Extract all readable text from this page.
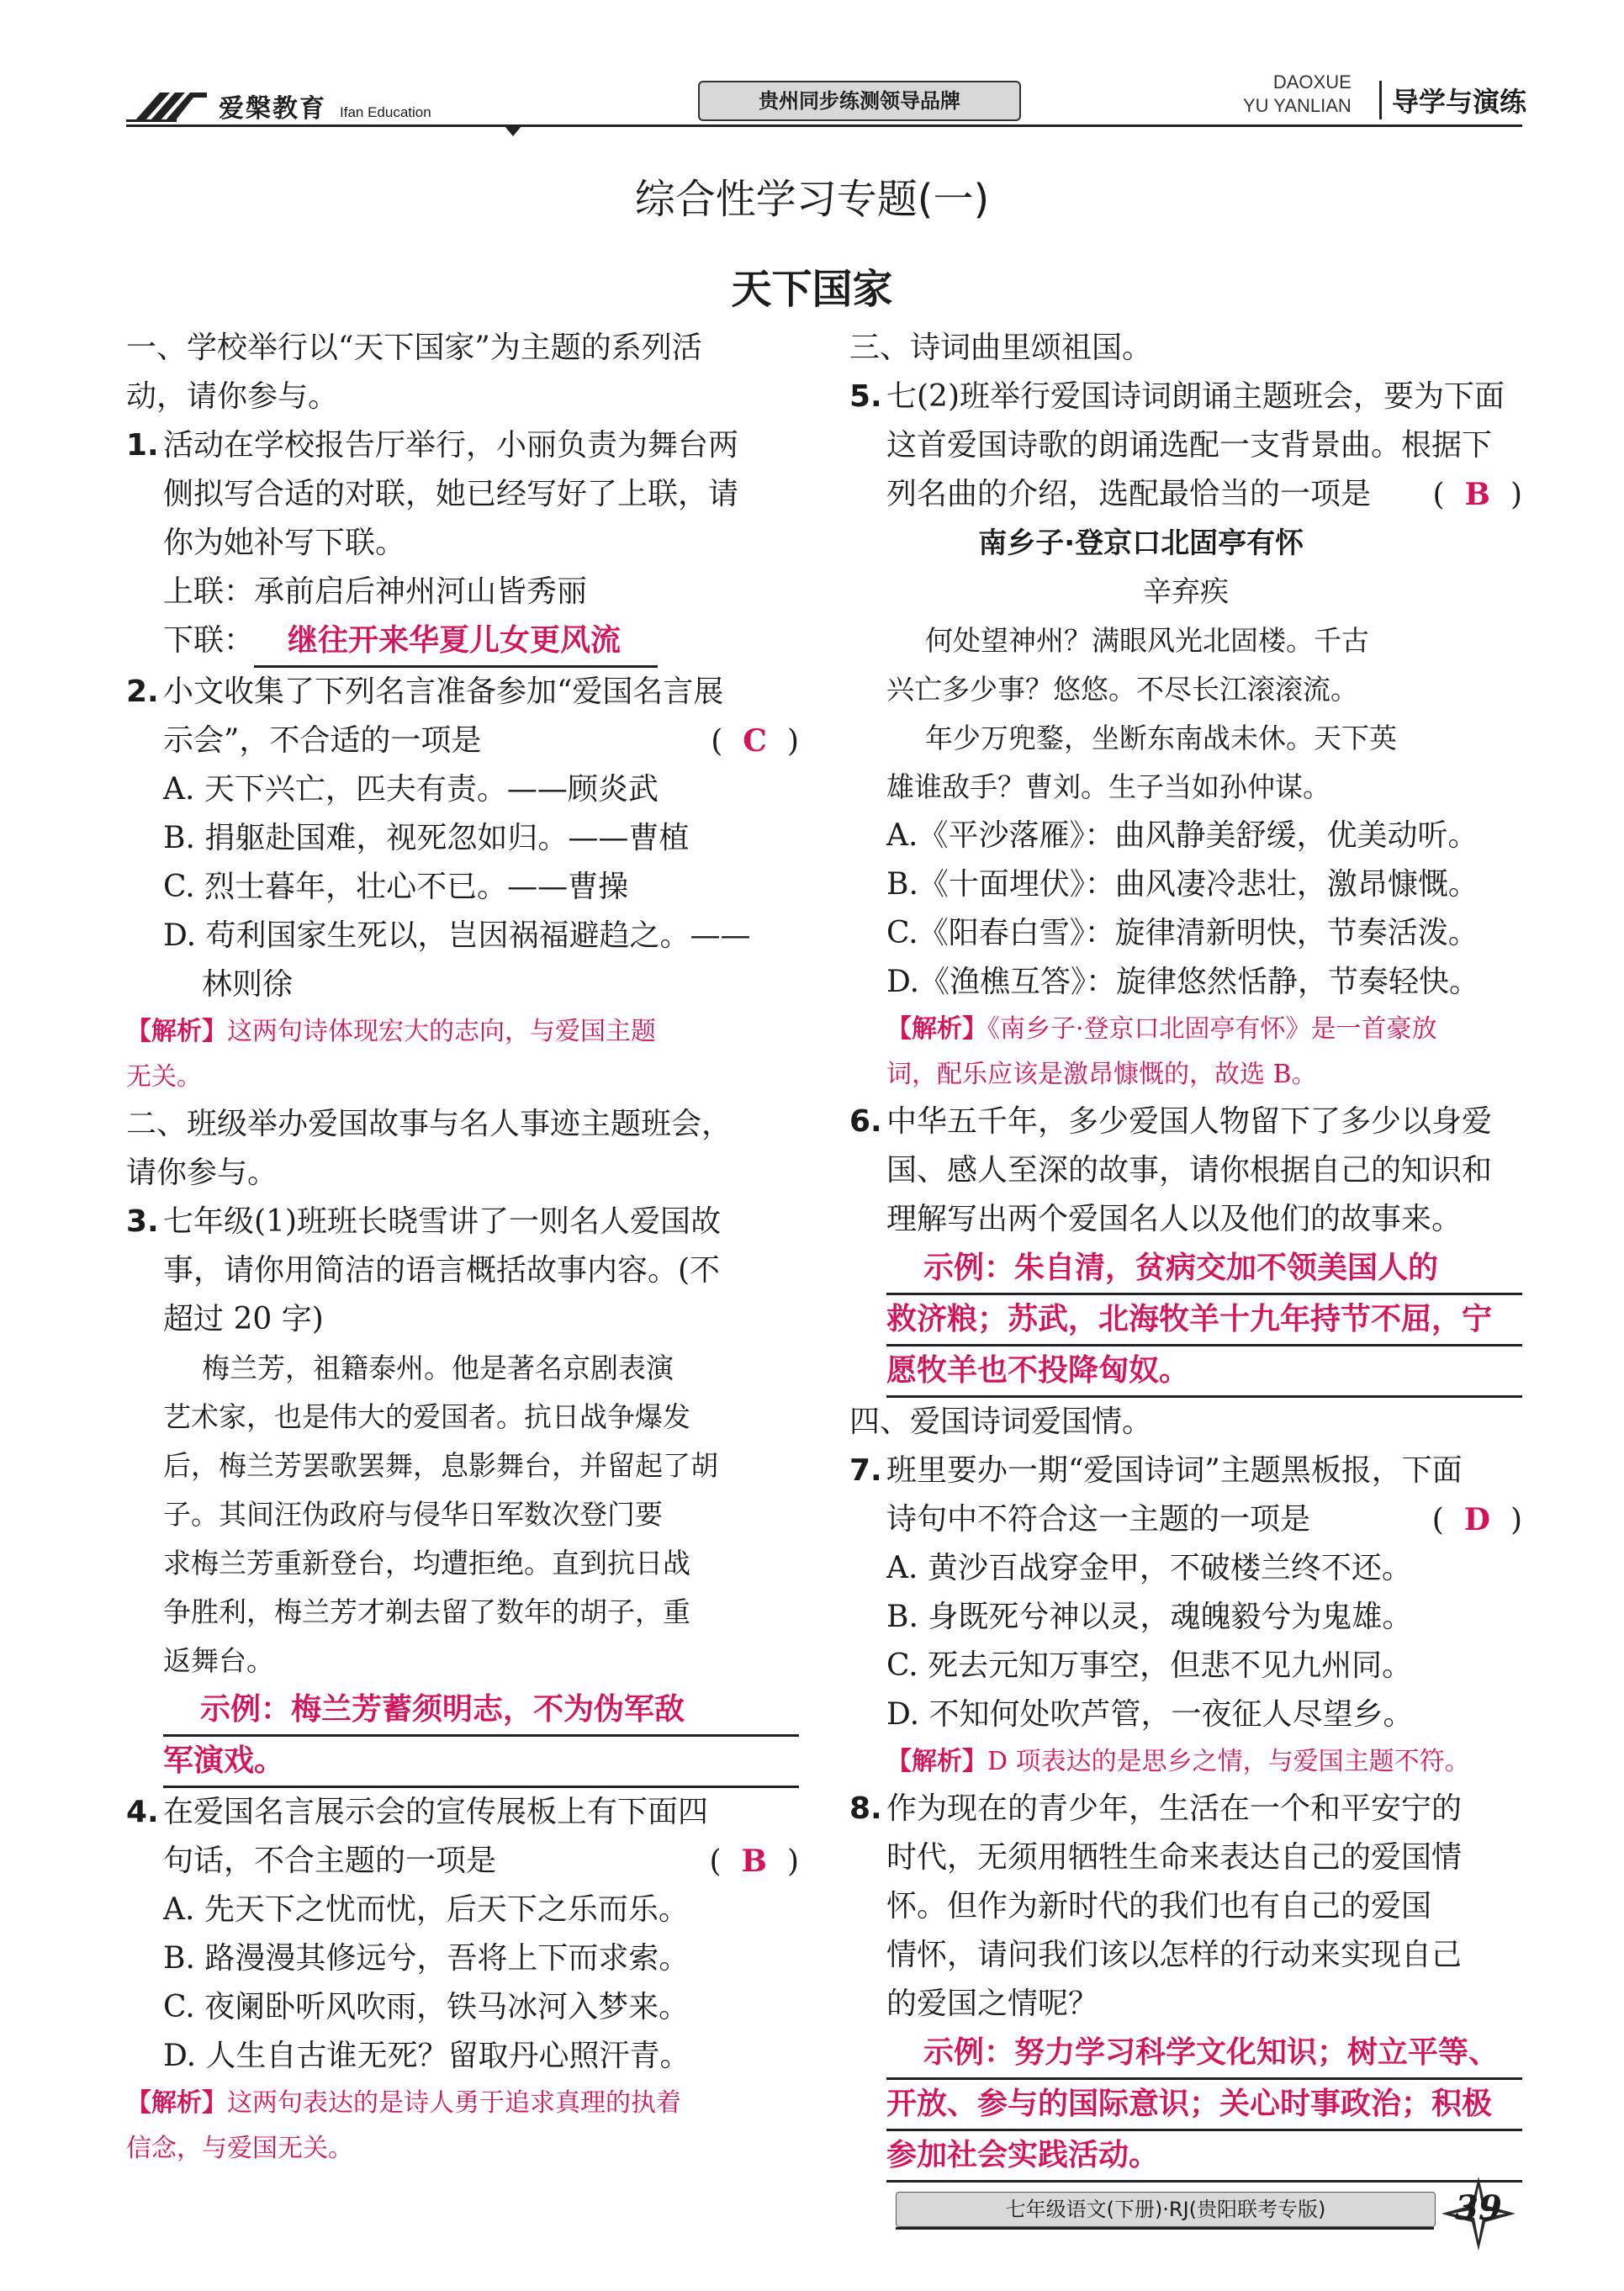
爱槃教育 Ifan Education	贵州同步练测领导品牌
DAOXUE
YU YANLIAN	导学与演练
综合性学习专题(一)
天下国家
一、学校举行以“天下国家”为主题的系列活
动，请你参与。
1. 活动在学校报告厅举行，小丽负责为舞台两
侧拟写合适的对联，她已经写好了上联，请
你为她补写下联。
上联：承前启后神州河山皆秀丽
下联： 继往开来华夏儿女更风流
2. 小文收集了下列名言准备参加“爱国名言展
示会”，不合适的一项是	( C )
A. 天下兴亡，匹夫有责。——顾炎武
B. 捐躯赴国难，视死忽如归。——曹植
C. 烈士暮年，壮心不已。——曹操
D. 苟利国家生死以，岂因祸福避趋之。——
林则徐
【解析】这两句诗体现宏大的志向，与爱国主题
无关。
二、班级举办爱国故事与名人事迹主题班会，
请你参与。
3. 七年级(1)班班长晓雪讲了一则名人爱国故
事，请你用简洁的语言概括故事内容。(不
超过 20 字)
梅兰芳，祖籍泰州。他是著名京剧表演
艺术家，也是伟大的爱国者。抗日战争爆发
后，梅兰芳罢歌罢舞，息影舞台，并留起了胡
子。其间汪伪政府与侵华日军数次登门要
求梅兰芳重新登台，均遭拒绝。直到抗日战
争胜利，梅兰芳才剃去留了数年的胡子，重
返舞台。
示例：梅兰芳蓄须明志，不为伪军敌
军演戏。
4. 在爱国名言展示会的宣传展板上有下面四
句话，不合主题的一项是	( B )
A. 先天下之忧而忧，后天下之乐而乐。
B. 路漫漫其修远兮，吾将上下而求索。
C. 夜阑卧听风吹雨，铁马冰河入梦来。
D. 人生自古谁无死？留取丹心照汗青。
【解析】这两句表达的是诗人勇于追求真理的执着
信念，与爱国无关。
三、诗词曲里颂祖国。
5. 七(2)班举行爱国诗词朗诵主题班会，要为下面
这首爱国诗歌的朗诵选配一支背景曲。根据下
列名曲的介绍，选配最恰当的一项是 ( B )
南乡子·登京口北固亭有怀
辛弃疾
何处望神州？满眼风光北固楼。千古
兴亡多少事？悠悠。不尽长江滚滚流。
年少万兜鍪，坐断东南战未休。天下英
雄谁敌手？曹刘。生子当如孙仲谋。
A.《平沙落雁》：曲风静美舒缓，优美动听。
B.《十面埋伏》：曲风凄冷悲壮，激昂慷慨。
C.《阳春白雪》：旋律清新明快，节奏活泼。
D.《渔樵互答》：旋律悠然恬静，节奏轻快。
【解析】《南乡子·登京口北固亭有怀》是一首豪放
词，配乐应该是激昂慷慨的，故选 B。
6. 中华五千年，多少爱国人物留下了多少以身爱
国、感人至深的故事，请你根据自己的知识和
理解写出两个爱国名人以及他们的故事来。
示例：朱自清，贫病交加不领美国人的
救济粮；苏武，北海牧羊十九年持节不屈，宁
愿牧羊也不投降匈奴。
四、爱国诗词爱国情。
7. 班里要办一期“爱国诗词”主题黑板报，下面
诗句中不符合这一主题的一项是	( D )
A. 黄沙百战穿金甲，不破楼兰终不还。
B. 身既死兮神以灵，魂魄毅兮为鬼雄。
C. 死去元知万事空，但悲不见九州同。
D. 不知何处吹芦管，一夜征人尽望乡。
【解析】D 项表达的是思乡之情，与爱国主题不符。
8. 作为现在的青少年，生活在一个和平安宁的
时代，无须用牺牲生命来表达自己的爱国情
怀。但作为新时代的我们也有自己的爱国
情怀，请问我们该以怎样的行动来实现自己
的爱国之情呢？
示例：努力学习科学文化知识；树立平等、
开放、参与的国际意识；关心时事政治；积极
参加社会实践活动。
七年级语文(下册)·RJ(贵阳联考专版)	39
